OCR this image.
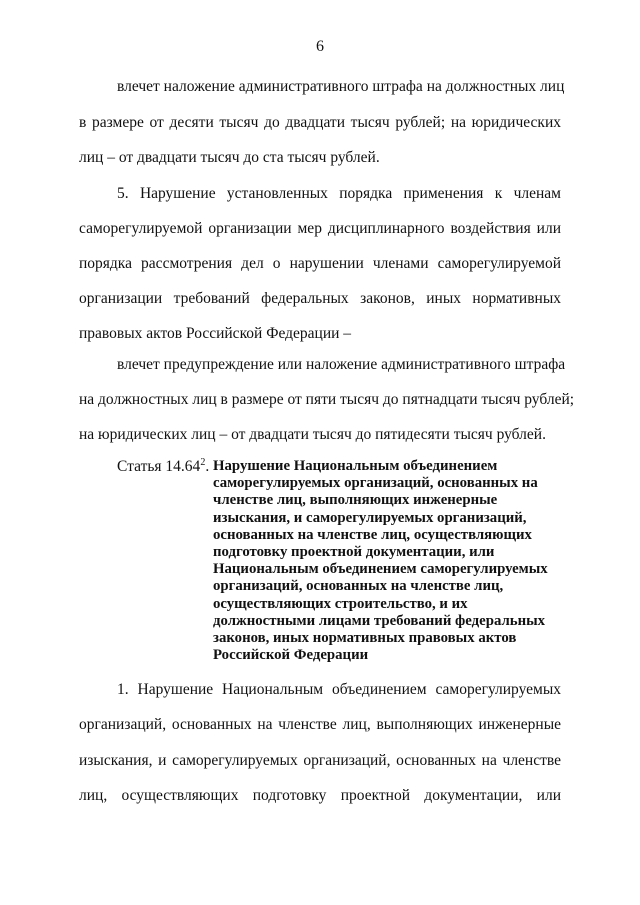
6
влечет наложение административного штрафа на должностных лиц
в размере от десяти тысяч до двадцати тысяч рублей; на юридических
лиц – от двадцати тысяч до ста тысяч рублей.
5. Нарушение установленных порядка применения к членам
саморегулируемой организации мер дисциплинарного воздействия или
порядка рассмотрения дел о нарушении членами саморегулируемой
организации требований федеральных законов, иных нормативных
правовых актов Российской Федерации –
влечет предупреждение или наложение административного штрафа
на должностных лиц в размере от пяти тысяч до пятнадцати тысяч рублей;
на юридических лиц – от двадцати тысяч до пятидесяти тысяч рублей.
Статья 14.64$^2$. Нарушение Национальным объединением
саморегулируемых организаций, основанных на
членстве лиц, выполняющих инженерные
изыскания, и саморегулируемых организаций,
основанных на членстве лиц, осуществляющих
подготовку проектной документации, или
Национальным объединением саморегулируемых
организаций, основанных на членстве лиц,
осуществляющих строительство, и их
должностными лицами требований федеральных
законов, иных нормативных правовых актов
Российской Федерации
1. Нарушение Национальным объединением саморегулируемых
организаций, основанных на членстве лиц, выполняющих инженерные
изыскания, и саморегулируемых организаций, основанных на членстве
лиц, осуществляющих подготовку проектной документации, или
